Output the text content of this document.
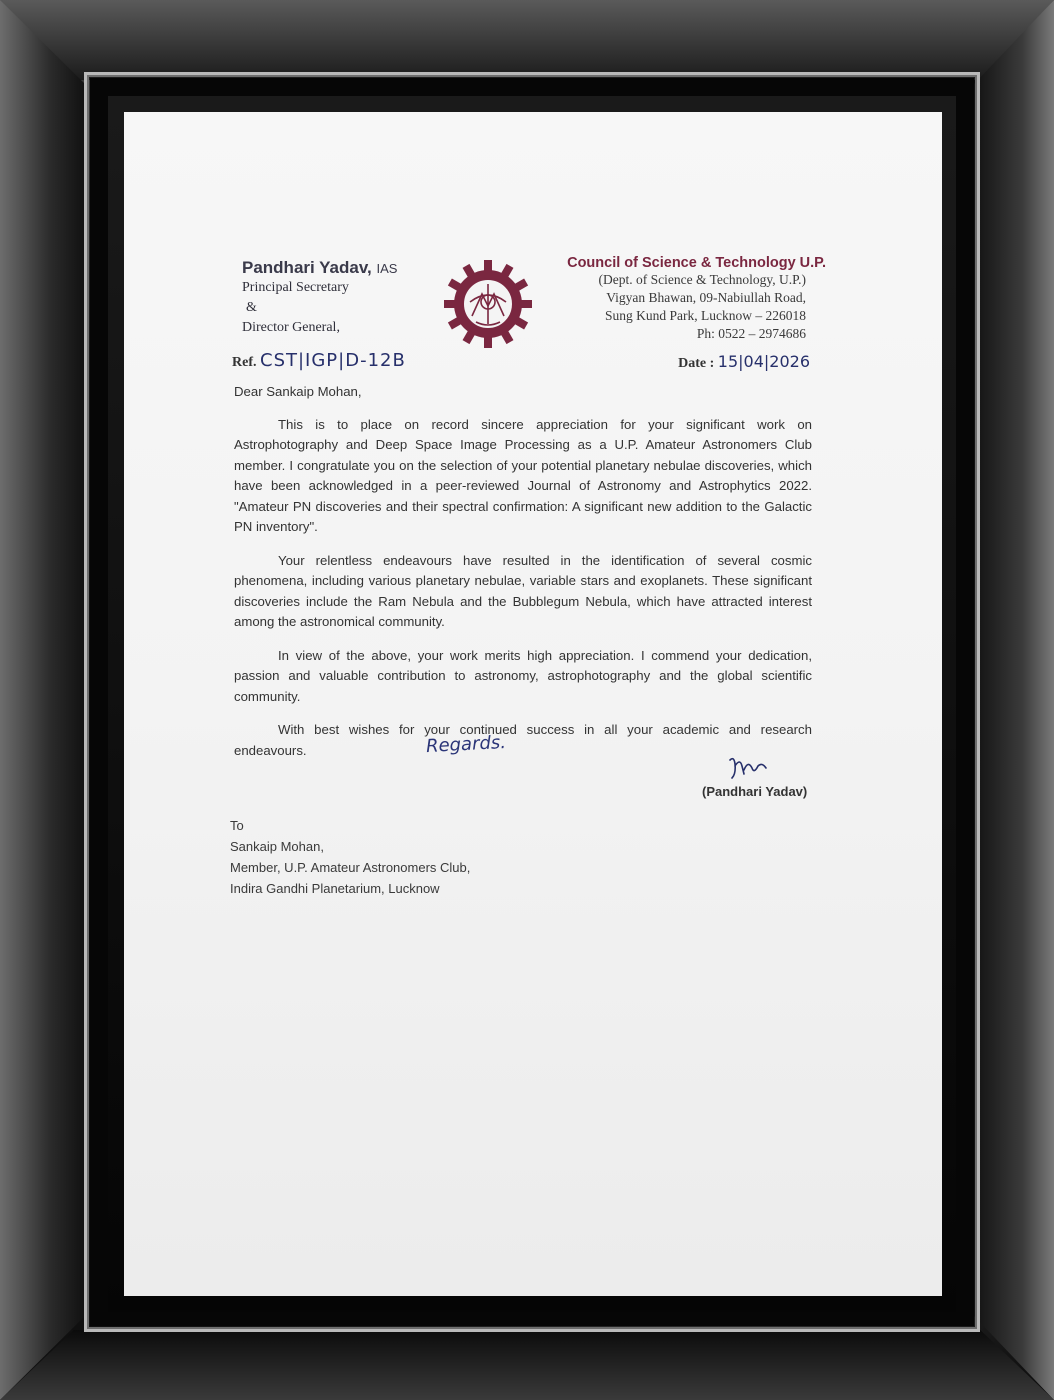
Pandhari Yadav, IAS
Principal Secretary
&
Director General,
Council of Science & Technology U.P.
(Dept. of Science & Technology, U.P.)
Vigyan Bhawan, 09-Nabiullah Road,
Sung Kund Park, Lucknow – 226018
Ph: 0522 – 2974686
Ref. CST|IGP|D-12B	Date : 15|04|2026

Dear Sankaip Mohan,

This is to place on record sincere appreciation for your significant work on Astrophotography and Deep Space Image Processing as a U.P. Amateur Astronomers Club member. I congratulate you on the selection of your potential planetary nebulae discoveries, which have been acknowledged in a peer-reviewed Journal of Astronomy and Astrophytics 2022. "Amateur PN discoveries and their spectral confirmation: A significant new addition to the Galactic PN inventory".

Your relentless endeavours have resulted in the identification of several cosmic phenomena, including various planetary nebulae, variable stars and exoplanets. These significant discoveries include the Ram Nebula and the Bubblegum Nebula, which have attracted interest among the astronomical community.

In view of the above, your work merits high appreciation. I commend your dedication, passion and valuable contribution to astronomy, astrophotography and the global scientific community.

With best wishes for your continued success in all your academic and research endeavours.	Regards.
(Pandhari Yadav)
To
Sankaip Mohan,
Member, U.P. Amateur Astronomers Club,
Indira Gandhi Planetarium, Lucknow
